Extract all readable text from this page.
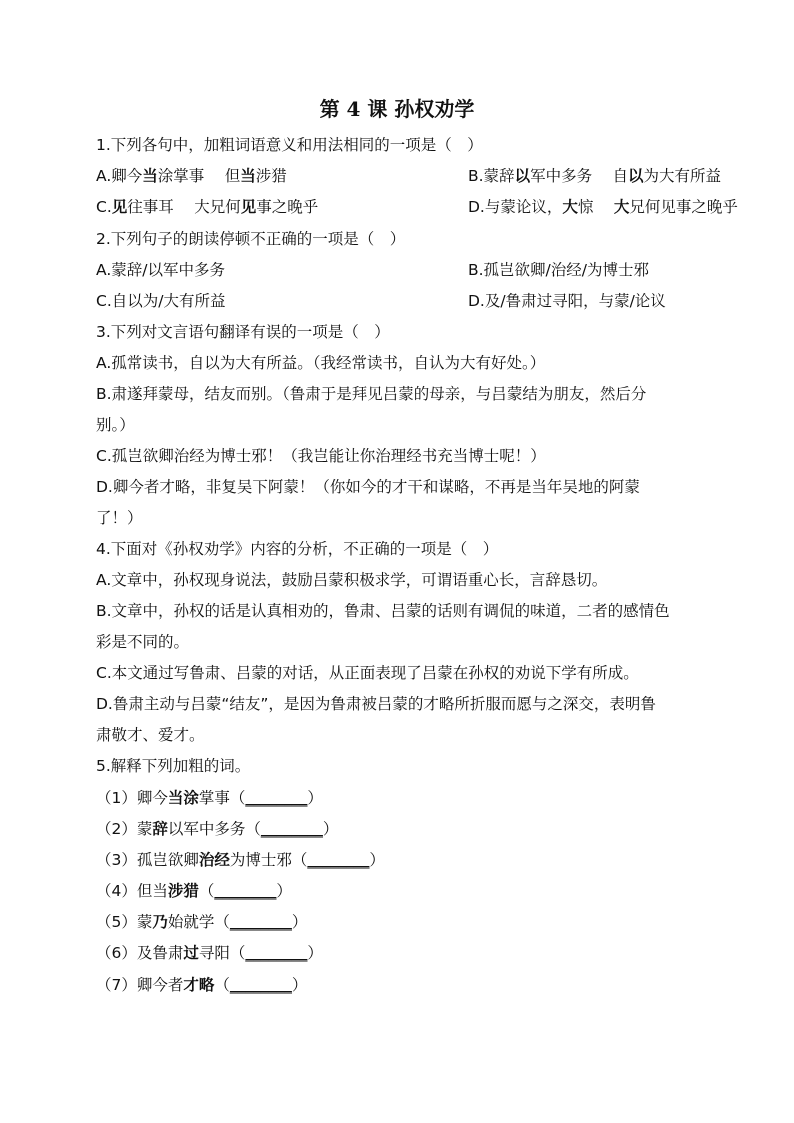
第 4 课 孙权劝学
1.下列各句中，加粗词语意义和用法相同的一项是（　）
A.卿今当涂掌事　 但当涉猎	B.蒙辞以军中多务　 自以为大有所益
C.见往事耳　 大兄何见事之晚乎	D.与蒙论议，大惊　 大兄何见事之晚乎
2.下列句子的朗读停顿不正确的一项是（　）
A.蒙辞/以军中多务	B.孤岂欲卿/治经/为博士邪
C.自以为/大有所益	D.及/鲁肃过寻阳，与蒙/论议
3.下列对文言语句翻译有误的一项是（　）
A.孤常读书，自以为大有所益。（我经常读书，自认为大有好处。）
B.肃遂拜蒙母，结友而别。（鲁肃于是拜见吕蒙的母亲，与吕蒙结为朋友，然后分
别。）
C.孤岂欲卿治经为博士邪！（我岂能让你治理经书充当博士呢！）
D.卿今者才略，非复吴下阿蒙！（你如今的才干和谋略，不再是当年吴地的阿蒙
了！）
4.下面对《孙权劝学》内容的分析，不正确的一项是（　）
A.文章中，孙权现身说法，鼓励吕蒙积极求学，可谓语重心长，言辞恳切。
B.文章中，孙权的话是认真相劝的，鲁肃、吕蒙的话则有调侃的味道，二者的感情色
彩是不同的。
C.本文通过写鲁肃、吕蒙的对话，从正面表现了吕蒙在孙权的劝说下学有所成。
D.鲁肃主动与吕蒙“结友”，是因为鲁肃被吕蒙的才略所折服而愿与之深交，表明鲁
肃敬才、爱才。
5.解释下列加粗的词。
（1）卿今当涂掌事（________）
（2）蒙辞以军中多务（________）
（3）孤岂欲卿治经为博士邪（________）
（4）但当涉猎（________）
（5）蒙乃始就学（________）
（6）及鲁肃过寻阳（________）
（7）卿今者才略（________）
